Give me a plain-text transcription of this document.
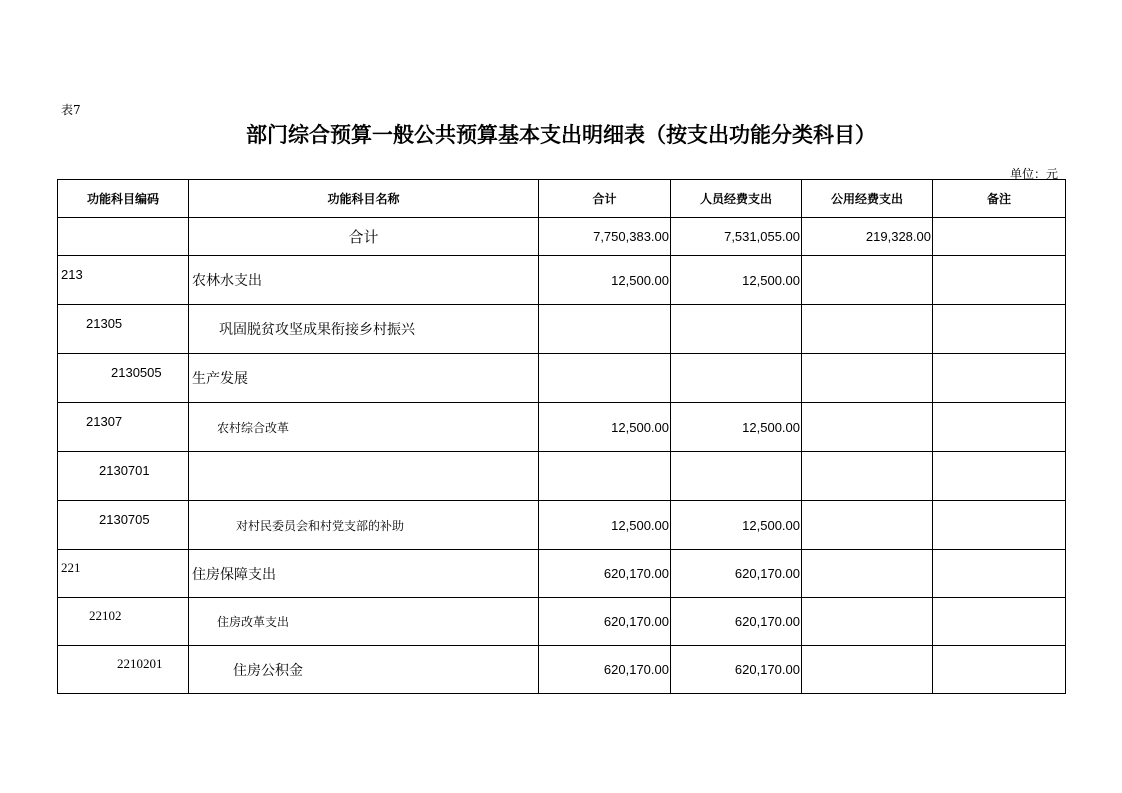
表7
部门综合预算一般公共预算基本支出明细表（按支出功能分类科目）
单位：元
功能科目编码	功能科目名称	合计	人员经费支出	公用经费支出	备注
	合计	7,750,383.00	7,531,055.00	219,328.00	
213	农林水支出	12,500.00	12,500.00		
21305	巩固脱贫攻坚成果衔接乡村振兴				
2130505	生产发展				
21307	农村综合改革	12,500.00	12,500.00		
2130701					
2130705	对村民委员会和村党支部的补助	12,500.00	12,500.00		
221	住房保障支出	620,170.00	620,170.00		
22102	住房改革支出	620,170.00	620,170.00		
2210201	住房公积金	620,170.00	620,170.00		
